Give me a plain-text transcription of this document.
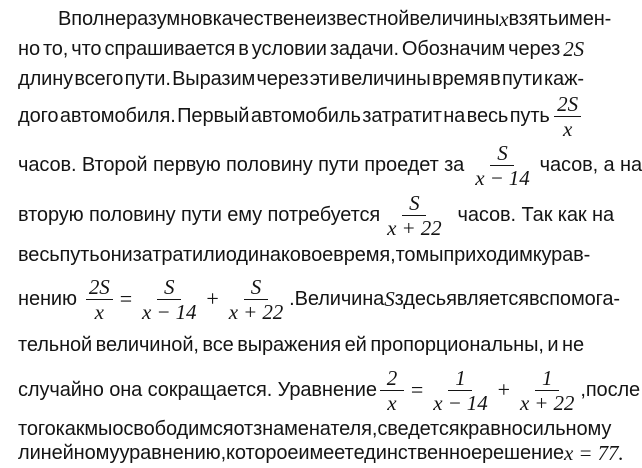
Вполне разумно в качестве неизвестной величины x взять имен-
но то, что спрашивается в условии задачи. Обозначим через 2S
длину всего пути. Выразим через эти величины время в пути каж-
дого автомобиля. Первый автомобиль затратит на весь путь $\frac{2S}{x}$
часов. Второй первую половину пути проедет за $\frac{S}{x - 14}$ часов, а на
вторую половину пути ему потребуется $\frac{S}{x + 22}$ часов. Так как на
весь путь они затратили одинаковое время, то мы приходим к урав-
нению $\frac{2S}{x} = \frac{S}{x - 14} + \frac{S}{x + 22}$ . Величина S здесь является вспомога-
тельной величиной, все выражения ей пропорциональны, и не
случайно она сокращается. Уравнение $\frac{2}{x} = \frac{1}{x - 14} + \frac{1}{x + 22}$ , после
того как мы освободимся от знаменателя, сведется к равносильному
линейному уравнению, которое имеет единственное решение x = 77.
